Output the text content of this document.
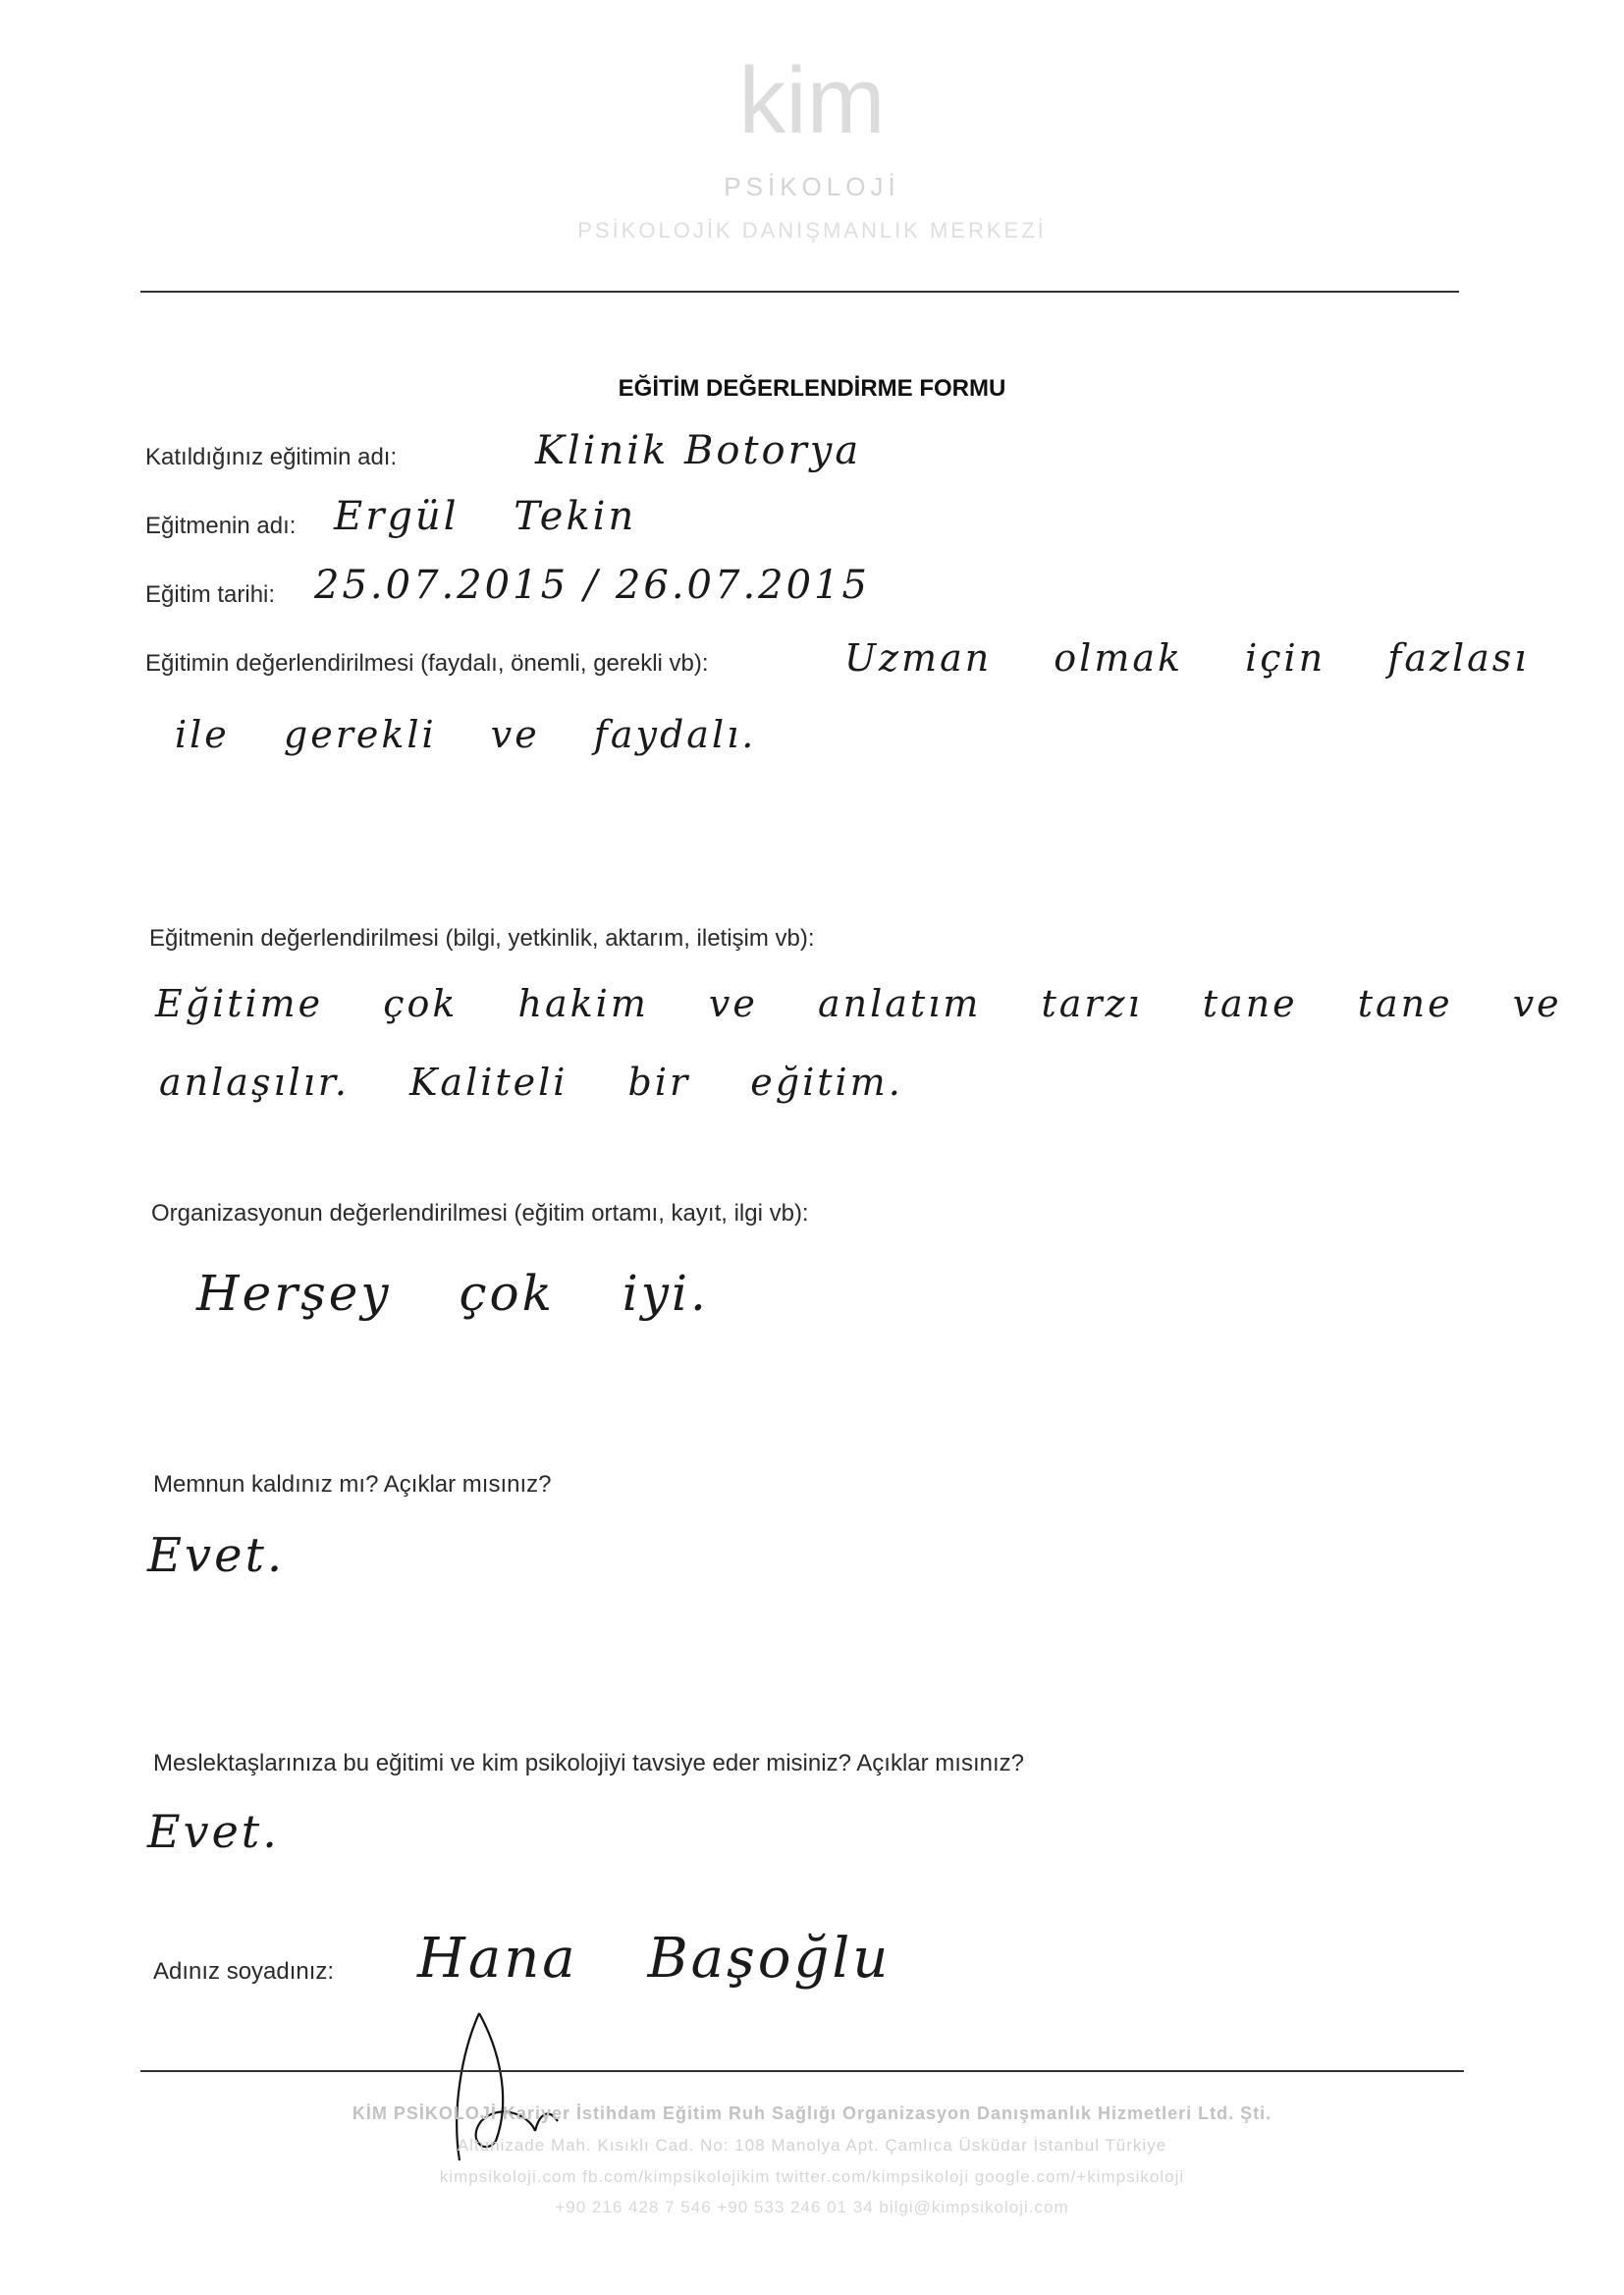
kim
PSİKOLOJİ
PSİKOLOJİK DANIŞMANLIK MERKEZİ
EĞİTİM DEĞERLENDİRME FORMU
Katıldığınız eğitimin adı:	Klinik Botorya
Eğitmenin adı: Ergül Tekin
Eğitim tarihi: 25.07.2015 / 26.07.2015
Eğitimin değerlendirilmesi (faydalı, önemli, gerekli vb):	Uzman olmak için fazlası
ile gerekli ve faydalı.
Eğitmenin değerlendirilmesi (bilgi, yetkinlik, aktarım, iletişim vb):
Eğitime çok hakim ve anlatım tarzı tane tane ve
anlaşılır. Kaliteli bir eğitim.
Organizasyonun değerlendirilmesi (eğitim ortamı, kayıt, ilgi vb):
Herşey çok iyi.
Memnun kaldınız mı? Açıklar mısınız?
Evet.
Meslektaşlarınıza bu eğitimi ve kim psikolojiyi tavsiye eder misiniz? Açıklar mısınız?
Evet.
Adınız soyadınız: Hana Başoğlu
KİM PSİKOLOJİ Kariyer İstihdam Eğitim Ruh Sağlığı Organizasyon Danışmanlık Hizmetleri Ltd. Şti.
Altunizade Mah. Kısıklı Cad. No: 108 Manolya Apt. Çamlıca Üsküdar İstanbul Türkiye
kimpsikoloji.com fb.com/kimpsikolojikim twitter.com/kimpsikoloji google.com/+kimpsikoloji
+90 216 428 7 546 +90 533 246 01 34 bilgi@kimpsikoloji.com
